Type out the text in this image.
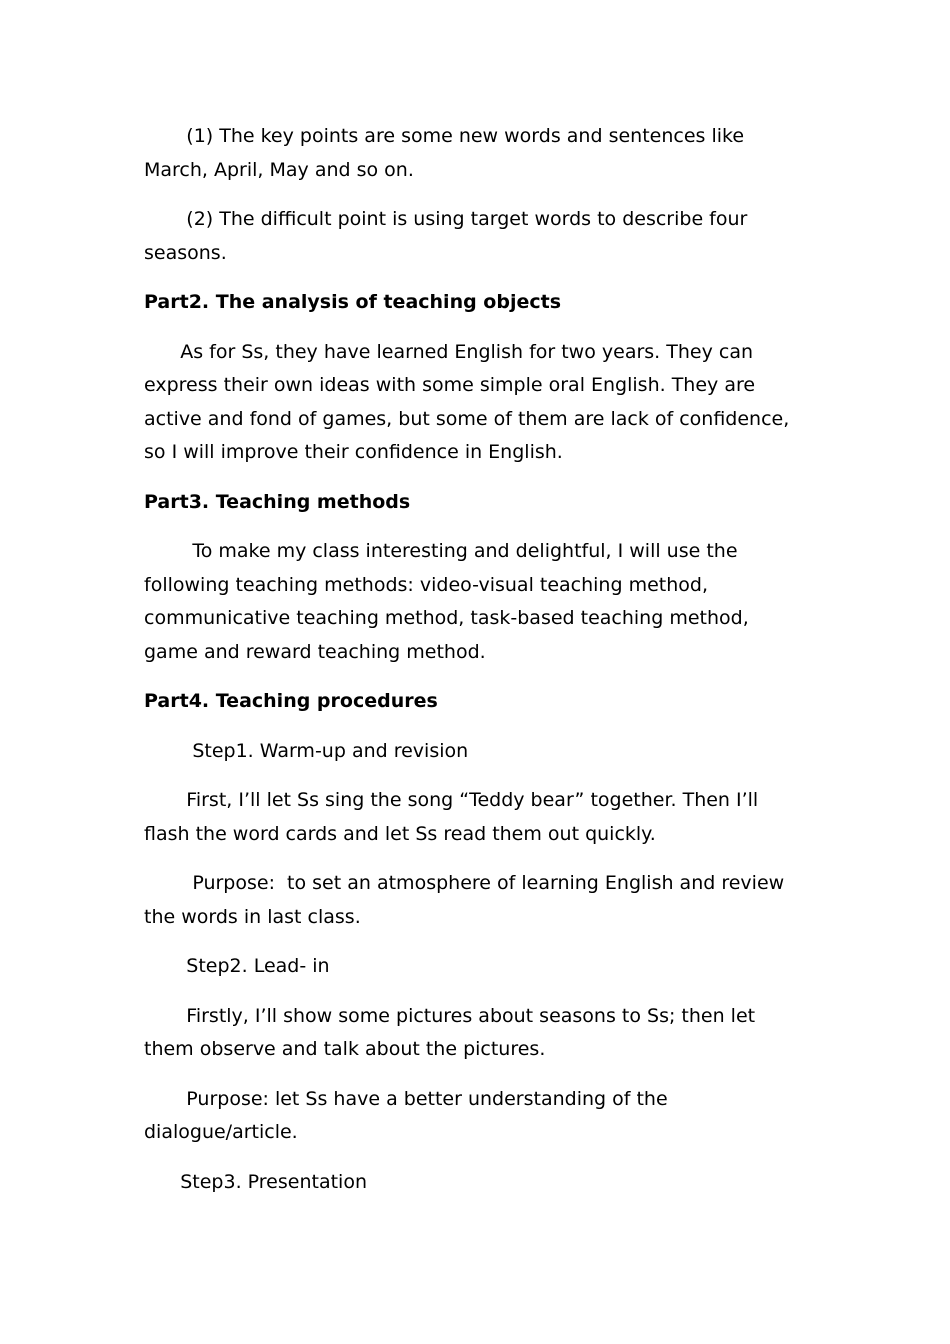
(1) The key points are some new words and sentences like
March, April, May and so on.

(2) The difficult point is using target words to describe four
seasons.

Part2. The analysis of teaching objects

As for Ss, they have learned English for two years. They can
express their own ideas with some simple oral English. They are
active and fond of games, but some of them are lack of confidence,
so I will improve their confidence in English.

Part3. Teaching methods

To make my class interesting and delightful, I will use the
following teaching methods: video-visual teaching method,
communicative teaching method, task-based teaching method,
game and reward teaching method.

Part4. Teaching procedures

Step1. Warm-up and revision

First, I’ll let Ss sing the song “Teddy bear” together. Then I’ll
flash the word cards and let Ss read them out quickly.

Purpose:  to set an atmosphere of learning English and review
the words in last class.

Step2. Lead- in

Firstly, I’ll show some pictures about seasons to Ss; then let
them observe and talk about the pictures.

Purpose: let Ss have a better understanding of the
dialogue/article.

Step3. Presentation
